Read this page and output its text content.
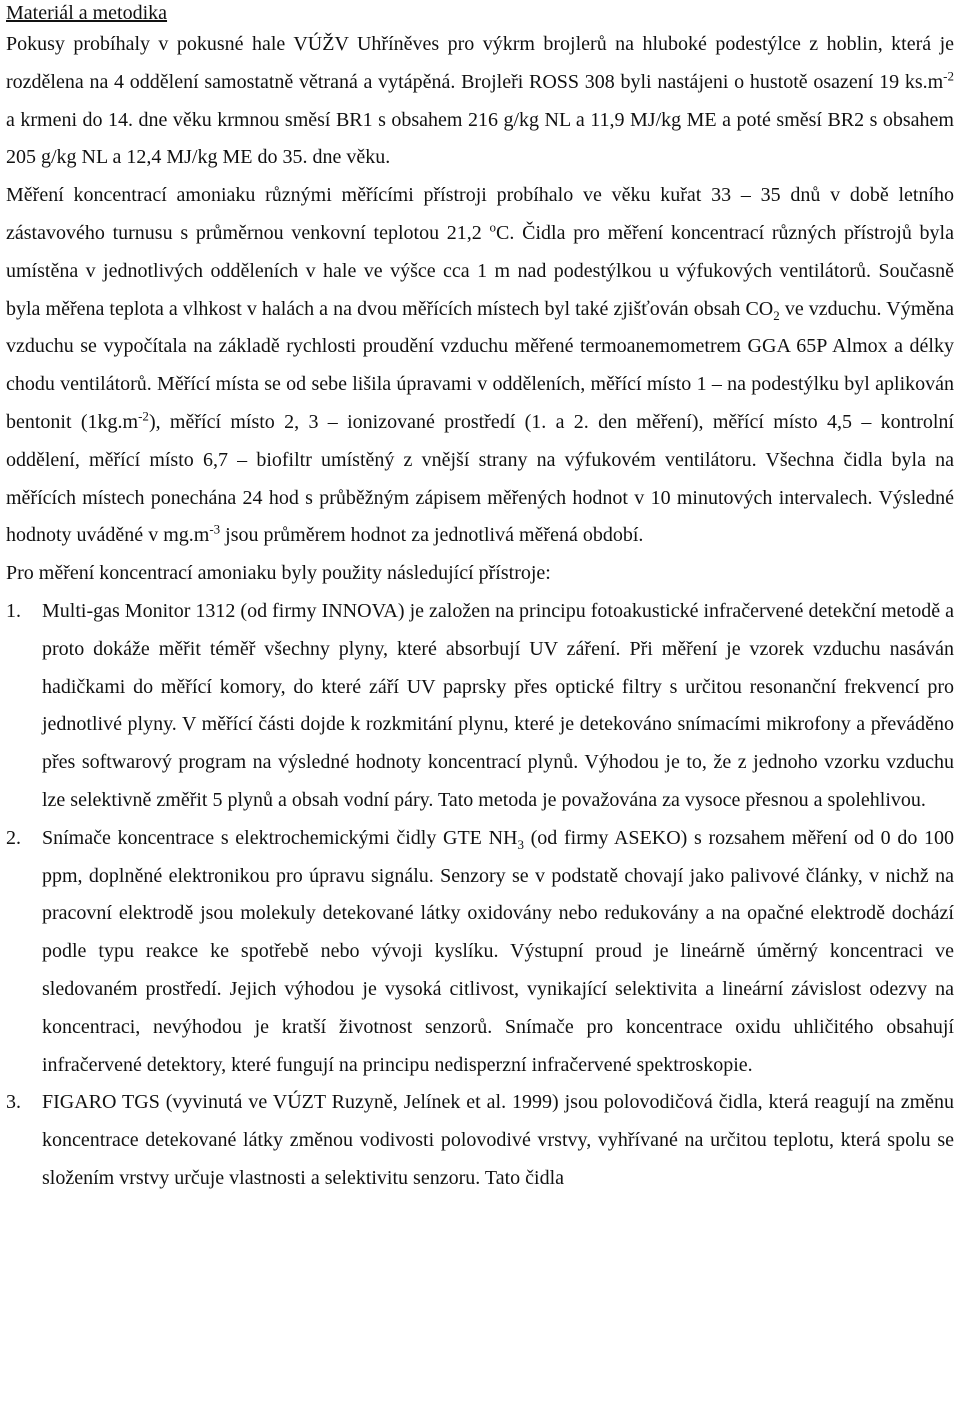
Materiál a metodika

Pokusy probíhaly v pokusné hale VÚŽV Uhříněves pro výkrm brojlerů na hluboké podestýlce z hoblin, která je rozdělena na 4 oddělení samostatně větraná a vytápěná. Brojleři ROSS 308 byli nastájeni o hustotě osazení 19 $ks.m^{-2}$ a krmeni do 14. dne věku krmnou směsí BR1 s obsahem 216 g/kg NL a 11,9 MJ/kg ME a poté směsí BR2 s obsahem 205 g/kg NL a 12,4 MJ/kg ME do 35. dne věku.

Měření koncentrací amoniaku různými měřícími přístroji probíhalo ve věku kuřat 33 – 35 dnů v době letního zástavového turnusu s průměrnou venkovní teplotou 21,2 $^o$C. Čidla pro měření koncentrací různých přístrojů byla umístěna v jednotlivých odděleních v hale ve výšce cca 1 m nad podestýlkou u výfukových ventilátorů. Současně byla měřena teplota a vlhkost v halách a na dvou měřících místech byl také zjišťován obsah $CO_2$ ve vzduchu. Výměna vzduchu se vypočítala na základě rychlosti proudění vzduchu měřené termoanemometrem GGA 65P Almox a délky chodu ventilátorů. Měřící místa se od sebe lišila úpravami v odděleních, měřící místo 1 – na podestýlku byl aplikován bentonit $(1kg.m^{-2})$, měřící místo 2, 3 – ionizované prostředí (1. a 2. den měření), měřící místo 4,5 – kontrolní oddělení, měřící místo 6,7 – biofiltr umístěný z vnější strany na výfukovém ventilátoru. Všechna čidla byla na měřících místech ponechána 24 hod s průběžným zápisem měřených hodnot v 10 minutových intervalech. Výsledné hodnoty uváděné v $mg.m^{-3}$ jsou průměrem hodnot za jednotlivá měřená období.

Pro měření koncentrací amoniaku byly použity následující přístroje:

1.	Multi-gas Monitor 1312 (od firmy INNOVA) je založen na principu fotoakustické infračervené detekční metodě a proto dokáže měřit téměř všechny plyny, které absorbují UV záření. Při měření je vzorek vzduchu nasáván hadičkami do měřící komory, do které září UV paprsky přes optické filtry s určitou resonanční frekvencí pro jednotlivé plyny. V měřící části dojde k rozkmitání plynu, které je detekováno snímacími mikrofony a převáděno přes softwarový program na výsledné hodnoty koncentrací plynů. Výhodou je to, že z jednoho vzorku vzduchu lze selektivně změřit 5 plynů a obsah vodní páry. Tato metoda je považována za vysoce přesnou a spolehlivou.
2.	Snímače koncentrace s elektrochemickými čidly GTE $NH_3$ (od firmy ASEKO) s rozsahem měření od 0 do 100 ppm, doplněné elektronikou pro úpravu signálu. Senzory se v podstatě chovají jako palivové články, v nichž na pracovní elektrodě jsou molekuly detekované látky oxidovány nebo redukovány a na opačné elektrodě dochází podle typu reakce ke spotřebě nebo vývoji kyslíku. Výstupní proud je lineárně úměrný koncentraci ve sledovaném prostředí. Jejich výhodou je vysoká citlivost, vynikající selektivita a lineární závislost odezvy na koncentraci, nevýhodou je kratší životnost senzorů. Snímače pro koncentrace oxidu uhličitého obsahují infračervené detektory, které fungují na principu nedisperzní infračervené spektroskopie.
3.	FIGARO TGS (vyvinutá ve VÚZT Ruzyně, Jelínek et al. 1999) jsou polovodičová čidla, která reagují na změnu koncentrace detekované látky změnou vodivosti polovodivé vrstvy, vyhřívané na určitou teplotu, která spolu se složením vrstvy určuje vlastnosti a selektivitu senzoru. Tato čidla
